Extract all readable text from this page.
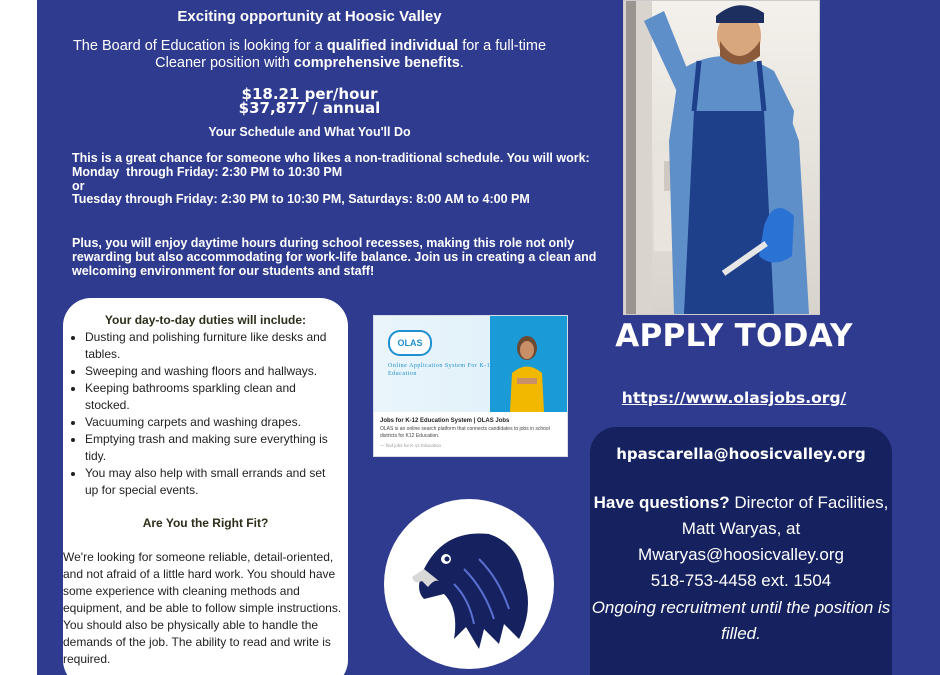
Exciting opportunity at Hoosic Valley
The Board of Education is looking for a qualified individual for a full-time Cleaner position with comprehensive benefits.
$18.21 per/hour
$37,877 / annual
Your Schedule and What You'll Do
This is a great chance for someone who likes a non-traditional schedule. You will work:
Monday  through Friday: 2:30 PM to 10:30 PM
or
Tuesday through Friday: 2:30 PM to 10:30 PM, Saturdays: 8:00 AM to 4:00 PM
Plus, you will enjoy daytime hours during school recesses, making this role not only rewarding but also accommodating for work-life balance. Join us in creating a clean and welcoming environment for our students and staff!
Your day-to-day duties will include:
• Dusting and polishing furniture like desks and tables.
• Sweeping and washing floors and hallways.
• Keeping bathrooms sparkling clean and stocked.
• Vacuuming carpets and washing drapes.
• Emptying trash and making sure everything is tidy.
• You may also help with small errands and set up for special events.
Are You the Right Fit?
We're looking for someone reliable, detail-oriented, and not afraid of a little hard work. You should have some experience with cleaning methods and equipment, and be able to follow simple instructions. You should also be physically able to handle the demands of the job. The ability to read and write is required.
OLAS
Online Application System For K-12 Education
Jobs for K-12 Education System | OLAS Jobs
OLAS is an online search platform that connects candidates to jobs in school districts for K12 Education.
— find jobs for K-12 Education
APPLY TODAY
https://www.olasjobs.org/
hpascarella@hoosicvalley.org
Have questions? Director of Facilities, Matt Waryas, at
Mwaryas@hoosicvalley.org
518-753-4458 ext. 1504
Ongoing recruitment until the position is filled.
